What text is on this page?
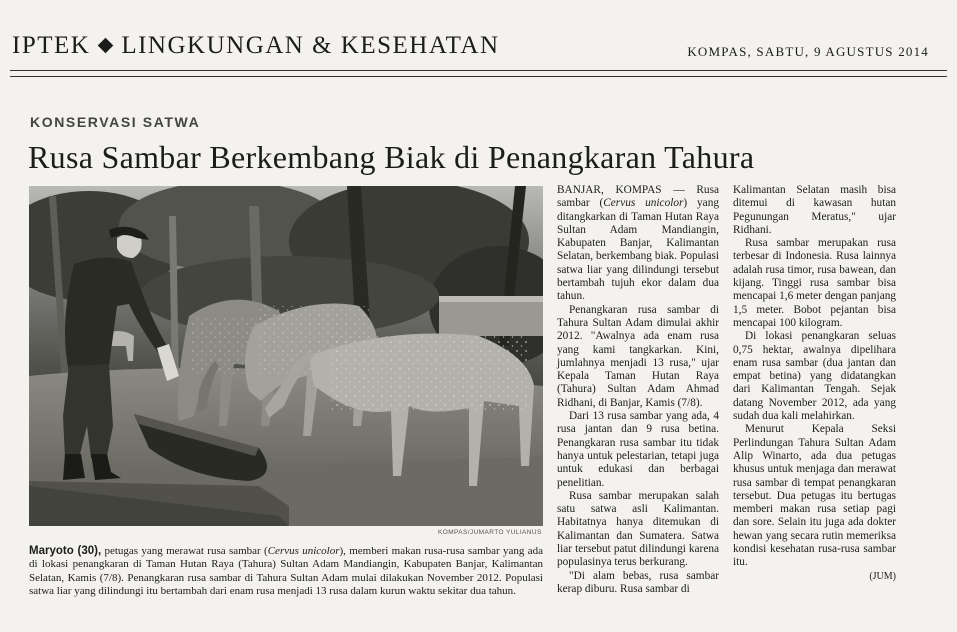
IPTEK LINGKUNGAN & KESEHATAN	KOMPAS, SABTU, 9 AGUSTUS 2014
KONSERVASI SATWA
Rusa Sambar Berkembang Biak di Penangkaran Tahura
KOMPAS/JUMARTO YULIANUS
Maryoto (30), petugas yang merawat rusa sambar (Cervus unicolor), memberi makan rusa-rusa sambar yang ada di lokasi penangkaran di Taman Hutan Raya (Tahura) Sultan Adam Mandiangin, Kabupaten Banjar, Kalimantan Selatan, Kamis (7/8). Penangkaran rusa sambar di Tahura Sultan Adam mulai dilakukan November 2012. Populasi satwa liar yang dilindungi itu bertambah dari enam rusa menjadi 13 rusa dalam kurun waktu sekitar dua tahun.

BANJAR, KOMPAS — Rusa sambar (Cervus unicolor) yang ditangkarkan di Taman Hutan Raya Sultan Adam Mandiangin, Kabupaten Banjar, Kalimantan Selatan, berkembang biak. Populasi satwa liar yang dilindungi tersebut bertambah tujuh ekor dalam dua tahun.

Penangkaran rusa sambar di Tahura Sultan Adam dimulai akhir 2012. "Awalnya ada enam rusa yang kami tangkarkan. Kini, jumlahnya menjadi 13 rusa," ujar Kepala Taman Hutan Raya (Tahura) Sultan Adam Ahmad Ridhani, di Banjar, Kamis (7/8).

Dari 13 rusa sambar yang ada, 4 rusa jantan dan 9 rusa betina. Penangkaran rusa sambar itu tidak hanya untuk pelestarian, tetapi juga untuk edukasi dan berbagai penelitian.

Rusa sambar merupakan salah satu satwa asli Kalimantan. Habitatnya hanya ditemukan di Kalimantan dan Sumatera. Satwa liar tersebut patut dilindungi karena populasinya terus berkurang.

"Di alam bebas, rusa sambar kerap diburu. Rusa sambar di

Kalimantan Selatan masih bisa ditemui di kawasan hutan Pegunungan Meratus," ujar Ridhani.

Rusa sambar merupakan rusa terbesar di Indonesia. Rusa lainnya adalah rusa timor, rusa bawean, dan kijang. Tinggi rusa sambar bisa mencapai 1,6 meter dengan panjang 1,5 meter. Bobot pejantan bisa mencapai 100 kilogram.

Di lokasi penangkaran seluas 0,75 hektar, awalnya dipelihara enam rusa sambar (dua jantan dan empat betina) yang didatangkan dari Kalimantan Tengah. Sejak datang November 2012, ada yang sudah dua kali melahirkan.

Menurut Kepala Seksi Perlindungan Tahura Sultan Adam Alip Winarto, ada dua petugas khusus untuk menjaga dan merawat rusa sambar di tempat penangkaran tersebut. Dua petugas itu bertugas memberi makan rusa setiap pagi dan sore. Selain itu juga ada dokter hewan yang secara rutin memeriksa kondisi kesehatan rusa-rusa sambar itu.

(JUM)
